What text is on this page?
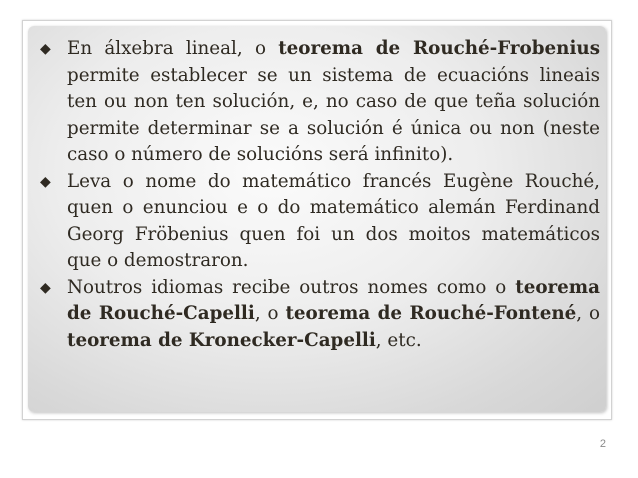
◆ En álxebra lineal, o teorema de Rouché-Frobenius permite establecer se un sistema de ecuacións lineais ten ou non ten solución, e, no caso de que teña solución permite determinar se a solución é única ou non (neste caso o número de solucións será infinito).

◆ Leva o nome do matemático francés Eugène Rouché, quen o enunciou e o do matemático alemán Ferdinand Georg Fröbenius quen foi un dos moitos matemáticos que o demostraron.

◆ Noutros idiomas recibe outros nomes como o teorema de Rouché-Capelli, o teorema de Rouché-Fontené, o teorema de Kronecker-Capelli, etc.

2
